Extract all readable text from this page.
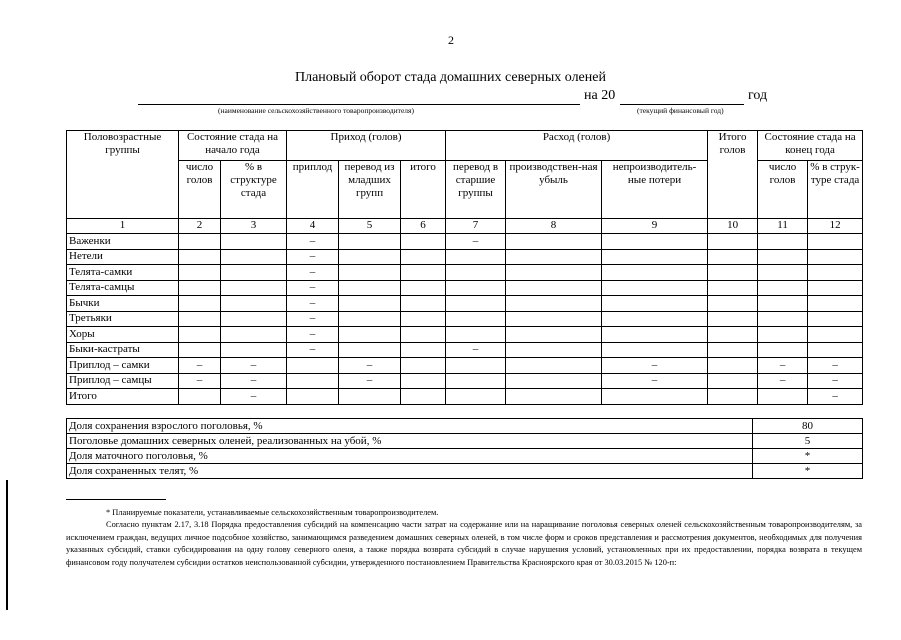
2
Плановый оборот стада домашних северных оленей
на 20	год
(наименование сельскохозяйственного товаропроизводителя)	(текущий финансовый год)
Половозрастные группы	Состояние стада на начало года		Приход (голов)			Расход (голов)			Итого голов	Состояние стада на конец года	
	число голов	% в структуре стада	приплод	перевод из младших групп	итого	перевод в старшие группы	производствен-ная убыль	непроизводитель-ные потери		число голов	% в струк-туре стада
1	2	3	4	5	6	7	8	9	10	11	12
Важенки			–			–					
Нетели			–								
Телята-самки			–								
Телята-самцы			–								
Бычки			–								
Третьяки			–								
Хоры			–								
Быки-кастраты			–			–					
Приплод – самки	–	–		–				–		–	–
Приплод – самцы	–	–		–				–		–	–
Итого		–									–
Доля сохранения взрослого поголовья, %	80
Поголовье домашних северных оленей, реализованных на убой, %	5
Доля маточного поголовья, %	*
Доля сохраненных телят, %	*
* Планируемые показатели, устанавливаемые сельскохозяйственным товаропроизводителем.
Согласно пунктам 2.17, 3.18 Порядка предоставления субсидий на компенсацию части затрат на содержание или на наращивание поголовья северных оленей сельскохозяйственным товаропроизводителям, за исключением граждан, ведущих личное подсобное хозяйство, занимающимся разведением домашних северных оленей, в том числе форм и сроков представления и рассмотрения документов, необходимых для получения указанных субсидий, ставки субсидирования на одну голову северного оленя, а также порядка возврата субсидий в случае нарушения условий, установленных при их предоставлении, порядка возврата в текущем финансовом году получателем субсидии остатков неиспользованной субсидии, утвержденного постановлением Правительства Красноярского края от 30.03.2015 № 120-п:
